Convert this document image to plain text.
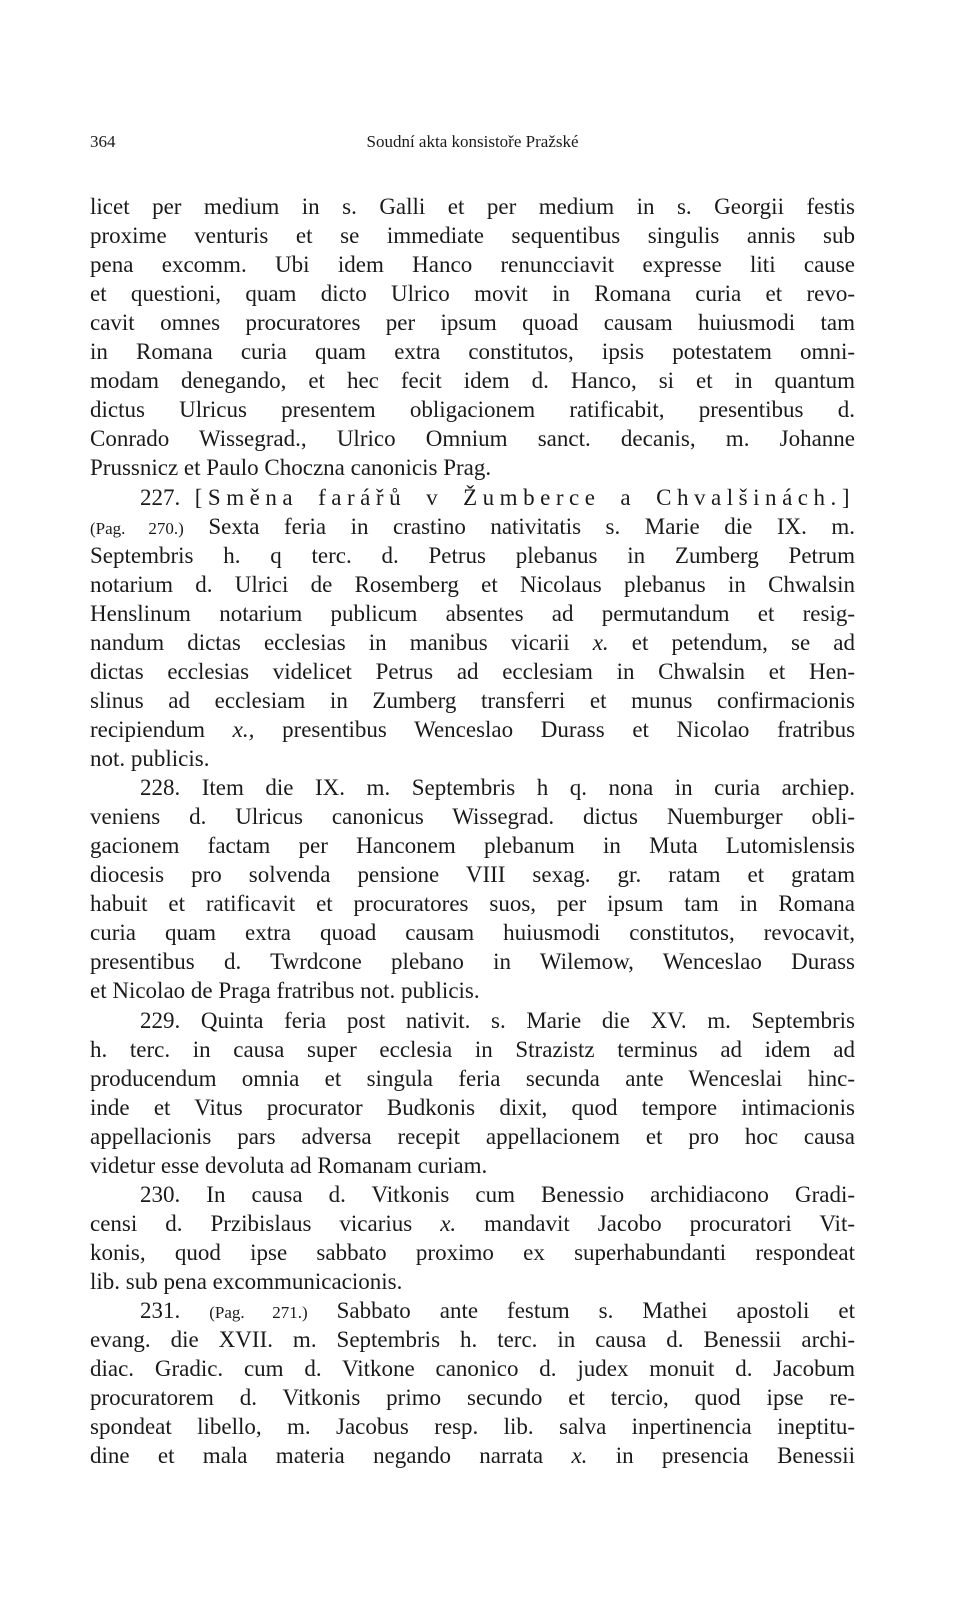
364	Soudní akta konsistoře Pražské
licet per medium in s. Galli et per medium in s. Georgii festis
proxime venturis et se immediate sequentibus singulis annis sub
pena excomm. Ubi idem Hanco renuncciavit expresse liti cause
et questioni, quam dicto Ulrico movit in Romana curia et revo-
cavit omnes procuratores per ipsum quoad causam huiusmodi tam
in Romana curia quam extra constitutos, ipsis potestatem omni-
modam denegando, et hec fecit idem d. Hanco, si et in quantum
dictus Ulricus presentem obligacionem ratificabit, presentibus d.
Conrado Wissegrad., Ulrico Omnium sanct. decanis, m. Johanne
Prussnicz et Paulo Choczna canonicis Prag.
227. [Směna farářů v Žumberce a Chvalšinách.]
(Pag. 270.) Sexta feria in crastino nativitatis s. Marie die IX. m.
Septembris h. q terc. d. Petrus plebanus in Zumberg Petrum
notarium d. Ulrici de Rosemberg et Nicolaus plebanus in Chwalsin
Henslinum notarium publicum absentes ad permutandum et resig-
nandum dictas ecclesias in manibus vicarii x. et petendum, se ad
dictas ecclesias videlicet Petrus ad ecclesiam in Chwalsin et Hen-
slinus ad ecclesiam in Zumberg transferri et munus confirmacionis
recipiendum x., presentibus Wenceslao Durass et Nicolao fratribus
not. publicis.
228. Item die IX. m. Septembris h q. nona in curia archiep.
veniens d. Ulricus canonicus Wissegrad. dictus Nuemburger obli-
gacionem factam per Hanconem plebanum in Muta Lutomislensis
diocesis pro solvenda pensione VIII sexag. gr. ratam et gratam
habuit et ratificavit et procuratores suos, per ipsum tam in Romana
curia quam extra quoad causam huiusmodi constitutos, revocavit,
presentibus d. Twrdcone plebano in Wilemow, Wenceslao Durass
et Nicolao de Praga fratribus not. publicis.
229. Quinta feria post nativit. s. Marie die XV. m. Septembris
h. terc. in causa super ecclesia in Strazistz terminus ad idem ad
producendum omnia et singula feria secunda ante Wenceslai hinc-
inde et Vitus procurator Budkonis dixit, quod tempore intimacionis
appellacionis pars adversa recepit appellacionem et pro hoc causa
videtur esse devoluta ad Romanam curiam.
230. In causa d. Vitkonis cum Benessio archidiacono Gradi-
censi d. Przibislaus vicarius x. mandavit Jacobo procuratori Vit-
konis, quod ipse sabbato proximo ex superhabundanti respondeat
lib. sub pena excommunicacionis.
231. (Pag. 271.) Sabbato ante festum s. Mathei apostoli et
evang. die XVII. m. Septembris h. terc. in causa d. Benessii archi-
diac. Gradic. cum d. Vitkone canonico d. judex monuit d. Jacobum
procuratorem d. Vitkonis primo secundo et tercio, quod ipse re-
spondeat libello, m. Jacobus resp. lib. salva inpertinencia ineptitu-
dine et mala materia negando narrata x. in presencia Benessii
